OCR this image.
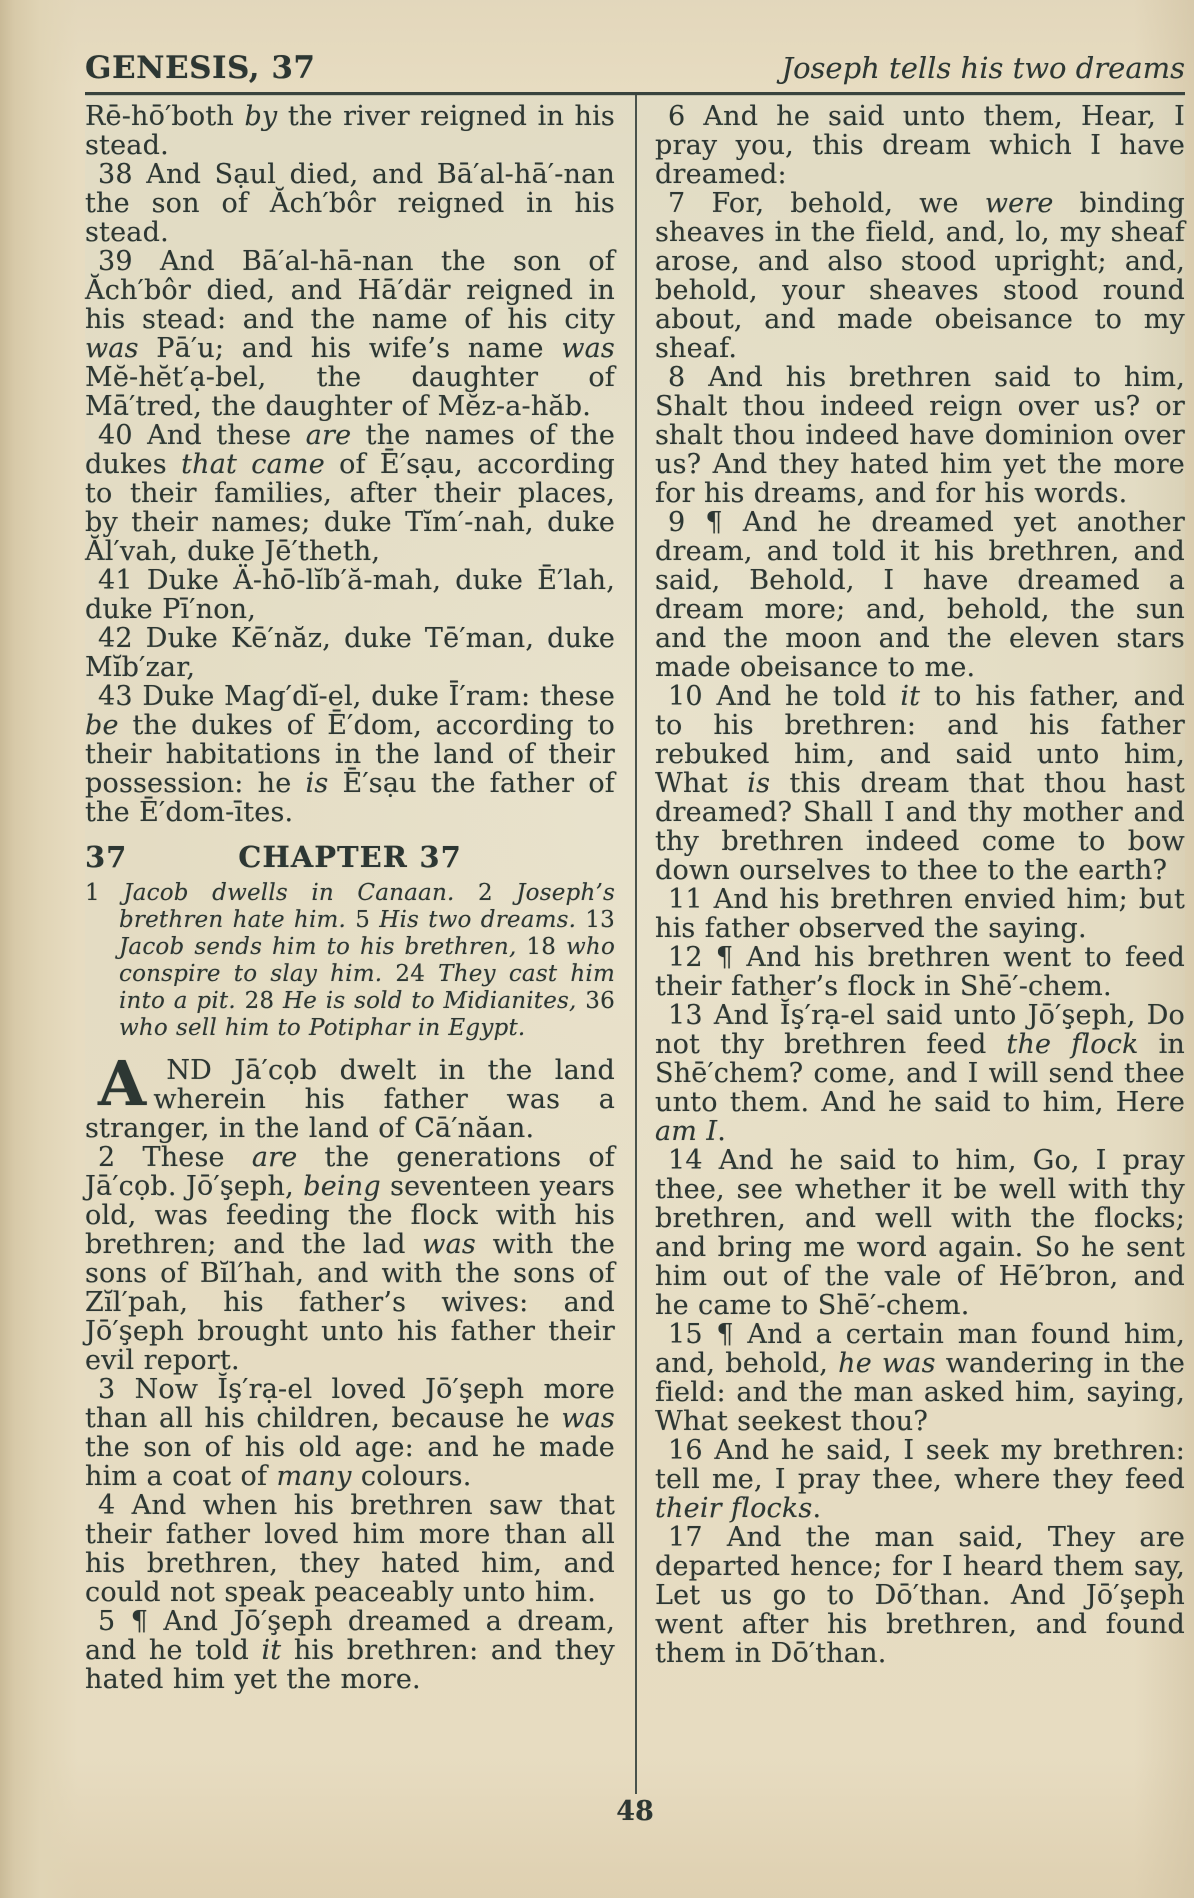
GENESIS, 37	Joseph tells his two dreams

Rē-hō′both by the river reigned in his stead.

38 And Sạul died, and Bā′al-hā′-nan the son of Ăch′bôr reigned in his stead.

39 And Bā′al-hā-nan the son of Ăch′bôr died, and Hā′där reigned in his stead: and the name of his city was Pā′u; and his wife’s name was Mĕ-hĕt′ạ-bel, the daughter of Mā′tred, the daughter of Mĕz-a-hăb.

40 And these are the names of the dukes that came of Ē′sạu, according to their families, after their places, by their names; duke Tĭm′-nah, duke Ăl′vah, duke Jē′theth,

41 Duke Ä-hō-lĭb′ă-mah, duke Ē′lah, duke Pī′non,

42 Duke Kē′năz, duke Tē′man, duke Mĭb′zar,

43 Duke Mag′dĭ-el, duke Ī′ram: these be the dukes of Ē′dom, according to their habitations in the land of their possession: he is Ē′sạu the father of the Ē′dom-ītes.

37	CHAPTER 37

1 Jacob dwells in Canaan. 2 Joseph’s brethren hate him. 5 His two dreams. 13 Jacob sends him to his brethren, 18 who conspire to slay him. 24 They cast him into a pit. 28 He is sold to Midianites, 36 who sell him to Potiphar in Egypt.

AND Jā′cọb dwelt in the land wherein his father was a stranger, in the land of Cā′năan.

2 These are the generations of Jā′cọb. Jō′şeph, being seventeen years old, was feeding the flock with his brethren; and the lad was with the sons of Bĭl′hah, and with the sons of Zĭl′pah, his father’s wives: and Jō′şeph brought unto his father their evil report.

3 Now Ĭş′rạ-el loved Jō′şeph more than all his children, because he was the son of his old age: and he made him a coat of many colours.

4 And when his brethren saw that their father loved him more than all his brethren, they hated him, and could not speak peaceably unto him.

5 ¶ And Jō′şeph dreamed a dream, and he told it his brethren: and they hated him yet the more.

6 And he said unto them, Hear, I pray you, this dream which I have dreamed:

7 For, behold, we were binding sheaves in the field, and, lo, my sheaf arose, and also stood upright; and, behold, your sheaves stood round about, and made obeisance to my sheaf.

8 And his brethren said to him, Shalt thou indeed reign over us? or shalt thou indeed have dominion over us? And they hated him yet the more for his dreams, and for his words.

9 ¶ And he dreamed yet another dream, and told it his brethren, and said, Behold, I have dreamed a dream more; and, behold, the sun and the moon and the eleven stars made obeisance to me.

10 And he told it to his father, and to his brethren: and his father rebuked him, and said unto him, What is this dream that thou hast dreamed? Shall I and thy mother and thy brethren indeed come to bow down ourselves to thee to the earth?

11 And his brethren envied him; but his father observed the saying.

12 ¶ And his brethren went to feed their father’s flock in Shē′-chem.

13 And Ĭş′rạ-el said unto Jō′şeph, Do not thy brethren feed the flock in Shē′chem? come, and I will send thee unto them. And he said to him, Here am I.

14 And he said to him, Go, I pray thee, see whether it be well with thy brethren, and well with the flocks; and bring me word again. So he sent him out of the vale of Hē′bron, and he came to Shē′-chem.

15 ¶ And a certain man found him, and, behold, he was wandering in the field: and the man asked him, saying, What seekest thou?

16 And he said, I seek my brethren: tell me, I pray thee, where they feed their flocks.

17 And the man said, They are departed hence; for I heard them say, Let us go to Dō′than. And Jō′şeph went after his brethren, and found them in Dō′than.

48
